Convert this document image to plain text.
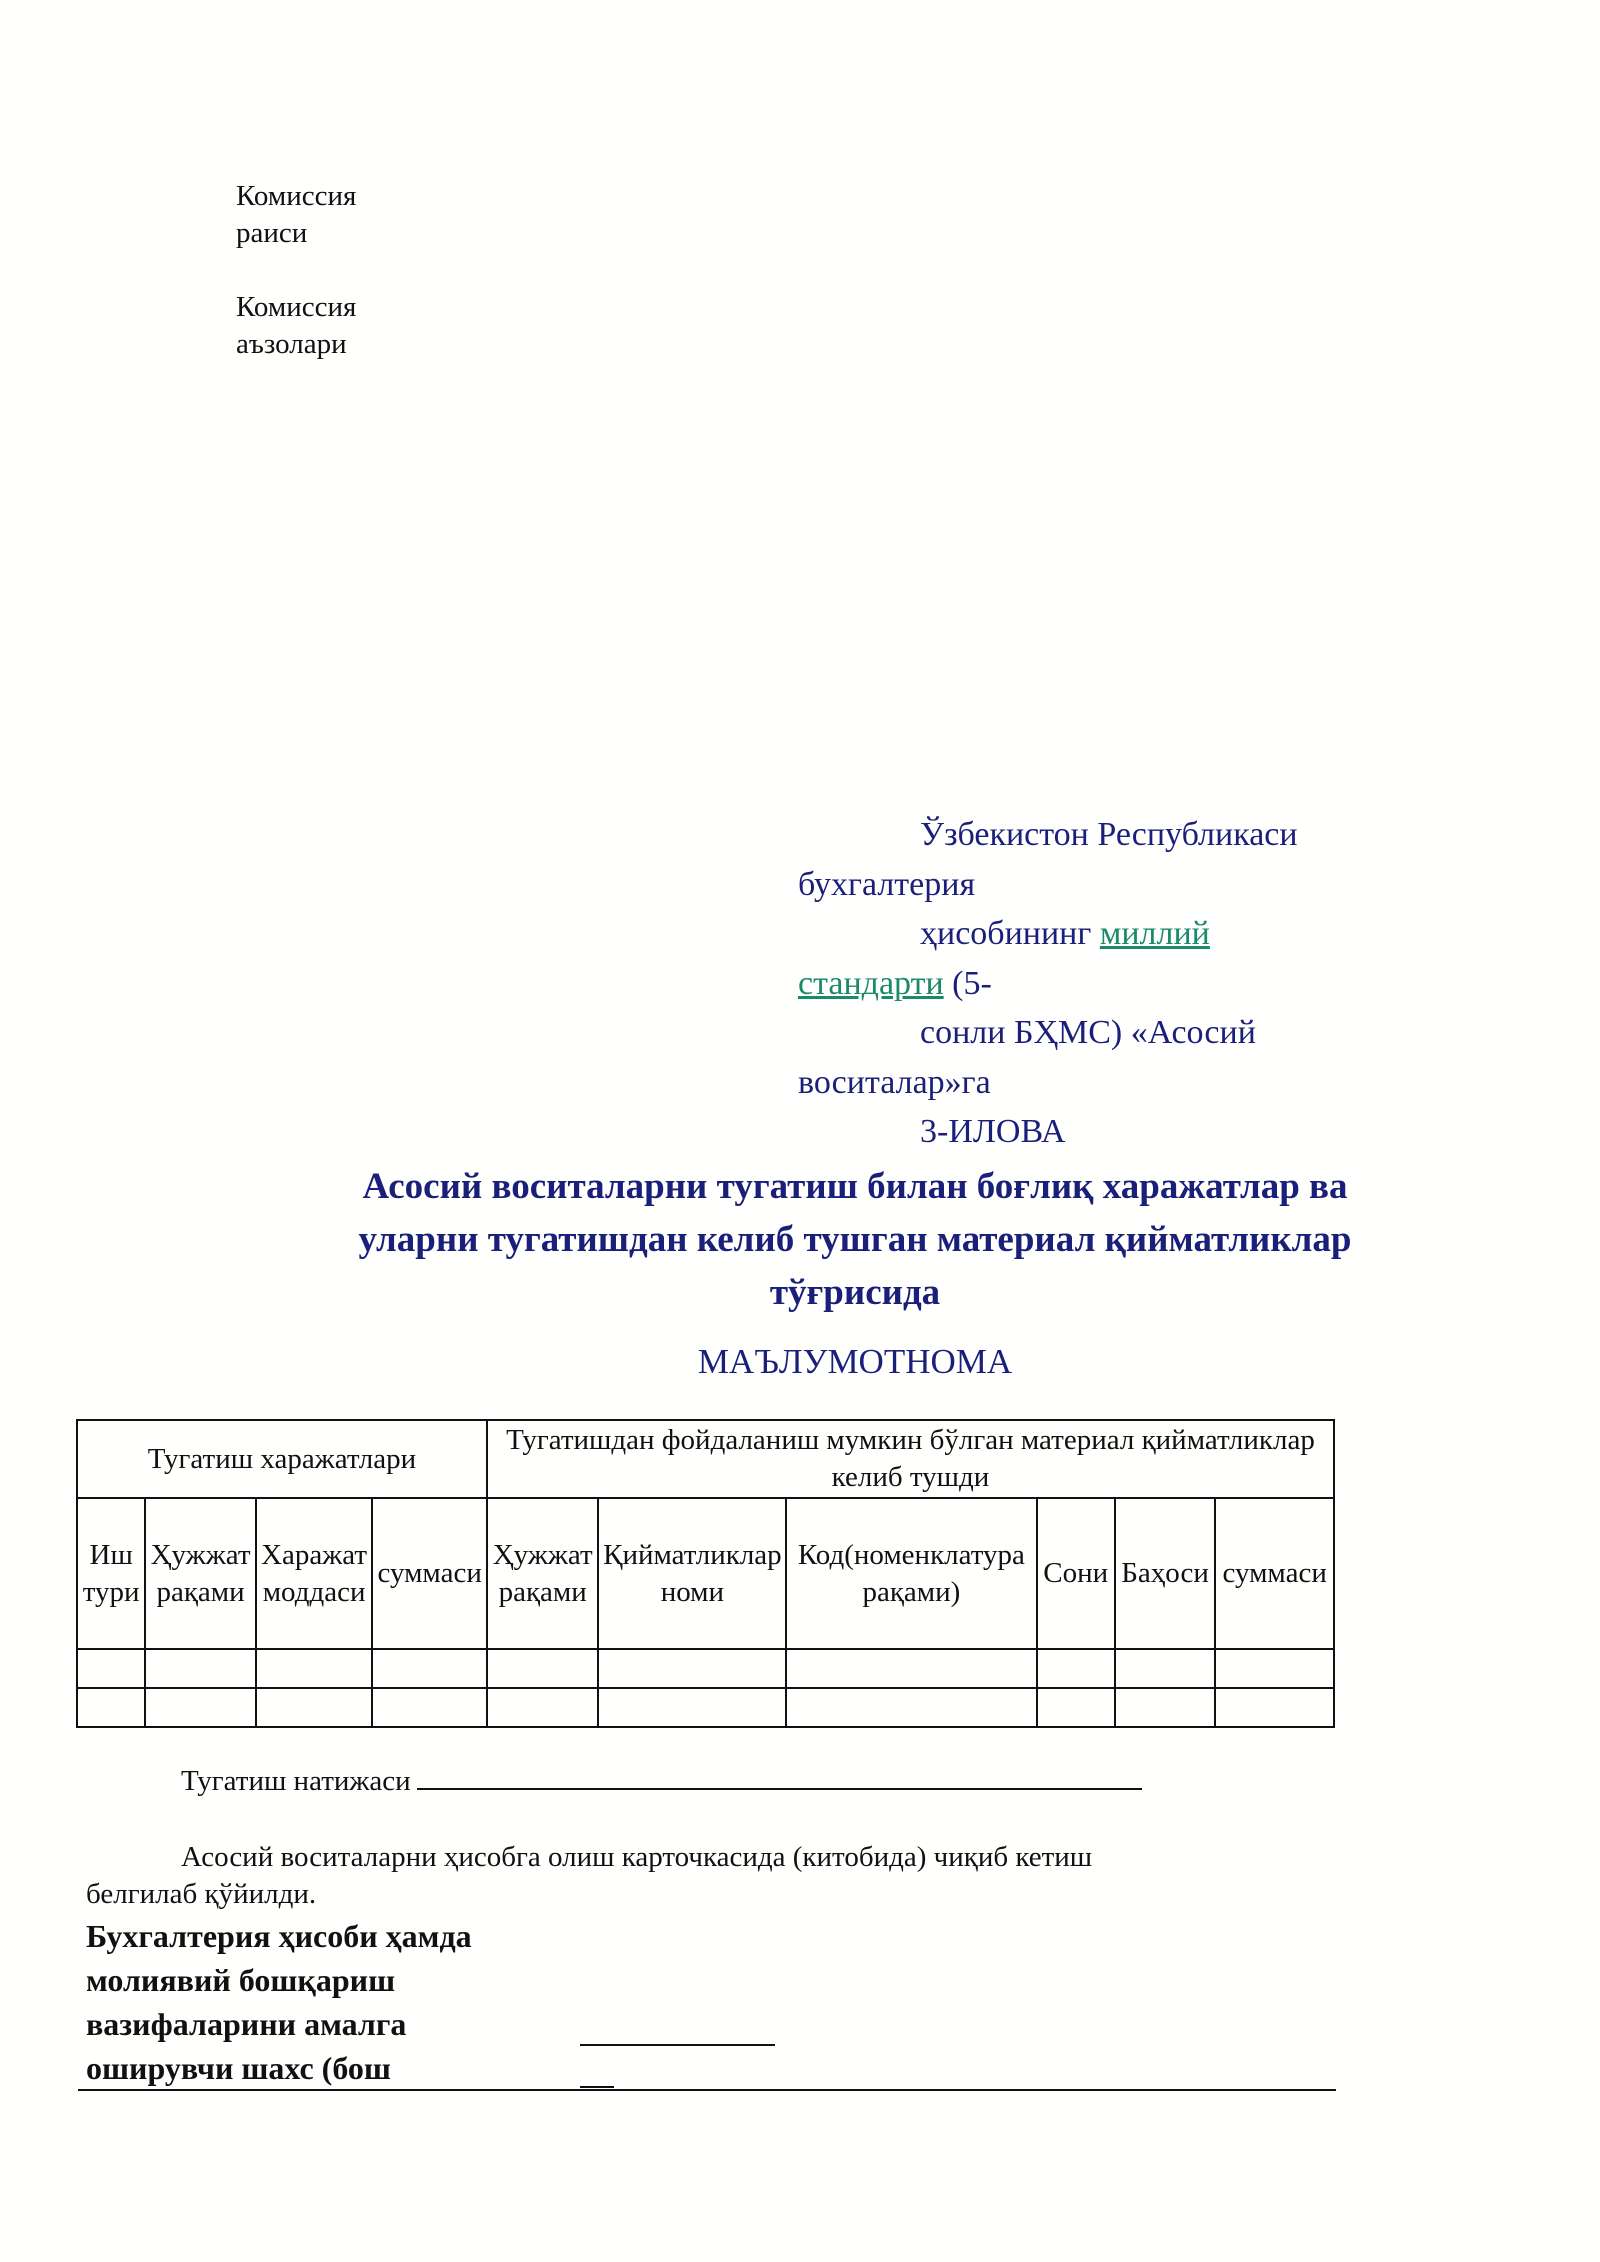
Комиссия
раиси
Комиссия
аъзолари
Ўзбекистон Республикаси
бухгалтерия
ҳисобининг миллий
стандарти (5-
сонли БҲМС) «Асосий
воситалар»га
3-ИЛОВА
Асосий воситаларни тугатиш билан боғлиқ харажатлар ва
уларни тугатишдан келиб тушган материал қийматликлар
тўғрисида
МАЪЛУМОТНОМА
Тугатиш харажатлари				Тугатишдан фойдаланиш мумкин бўлган материал қийматликлар келиб тушди					
Иш тури	Ҳужжат рақами	Харажат моддаси	суммаси	Ҳужжат рақами	Қийматликлар номи	Код(номенклатура рақами)	Сони	Баҳоси	суммаси

Тугатиш натижаси
Асосий воситаларни ҳисобга олиш карточкасида (китобида) чиқиб кетиш
белгилаб қўйилди.
Бухгалтерия ҳисоби ҳамда
молиявий бошқариш
вазифаларини амалга
оширувчи шахс (бош
